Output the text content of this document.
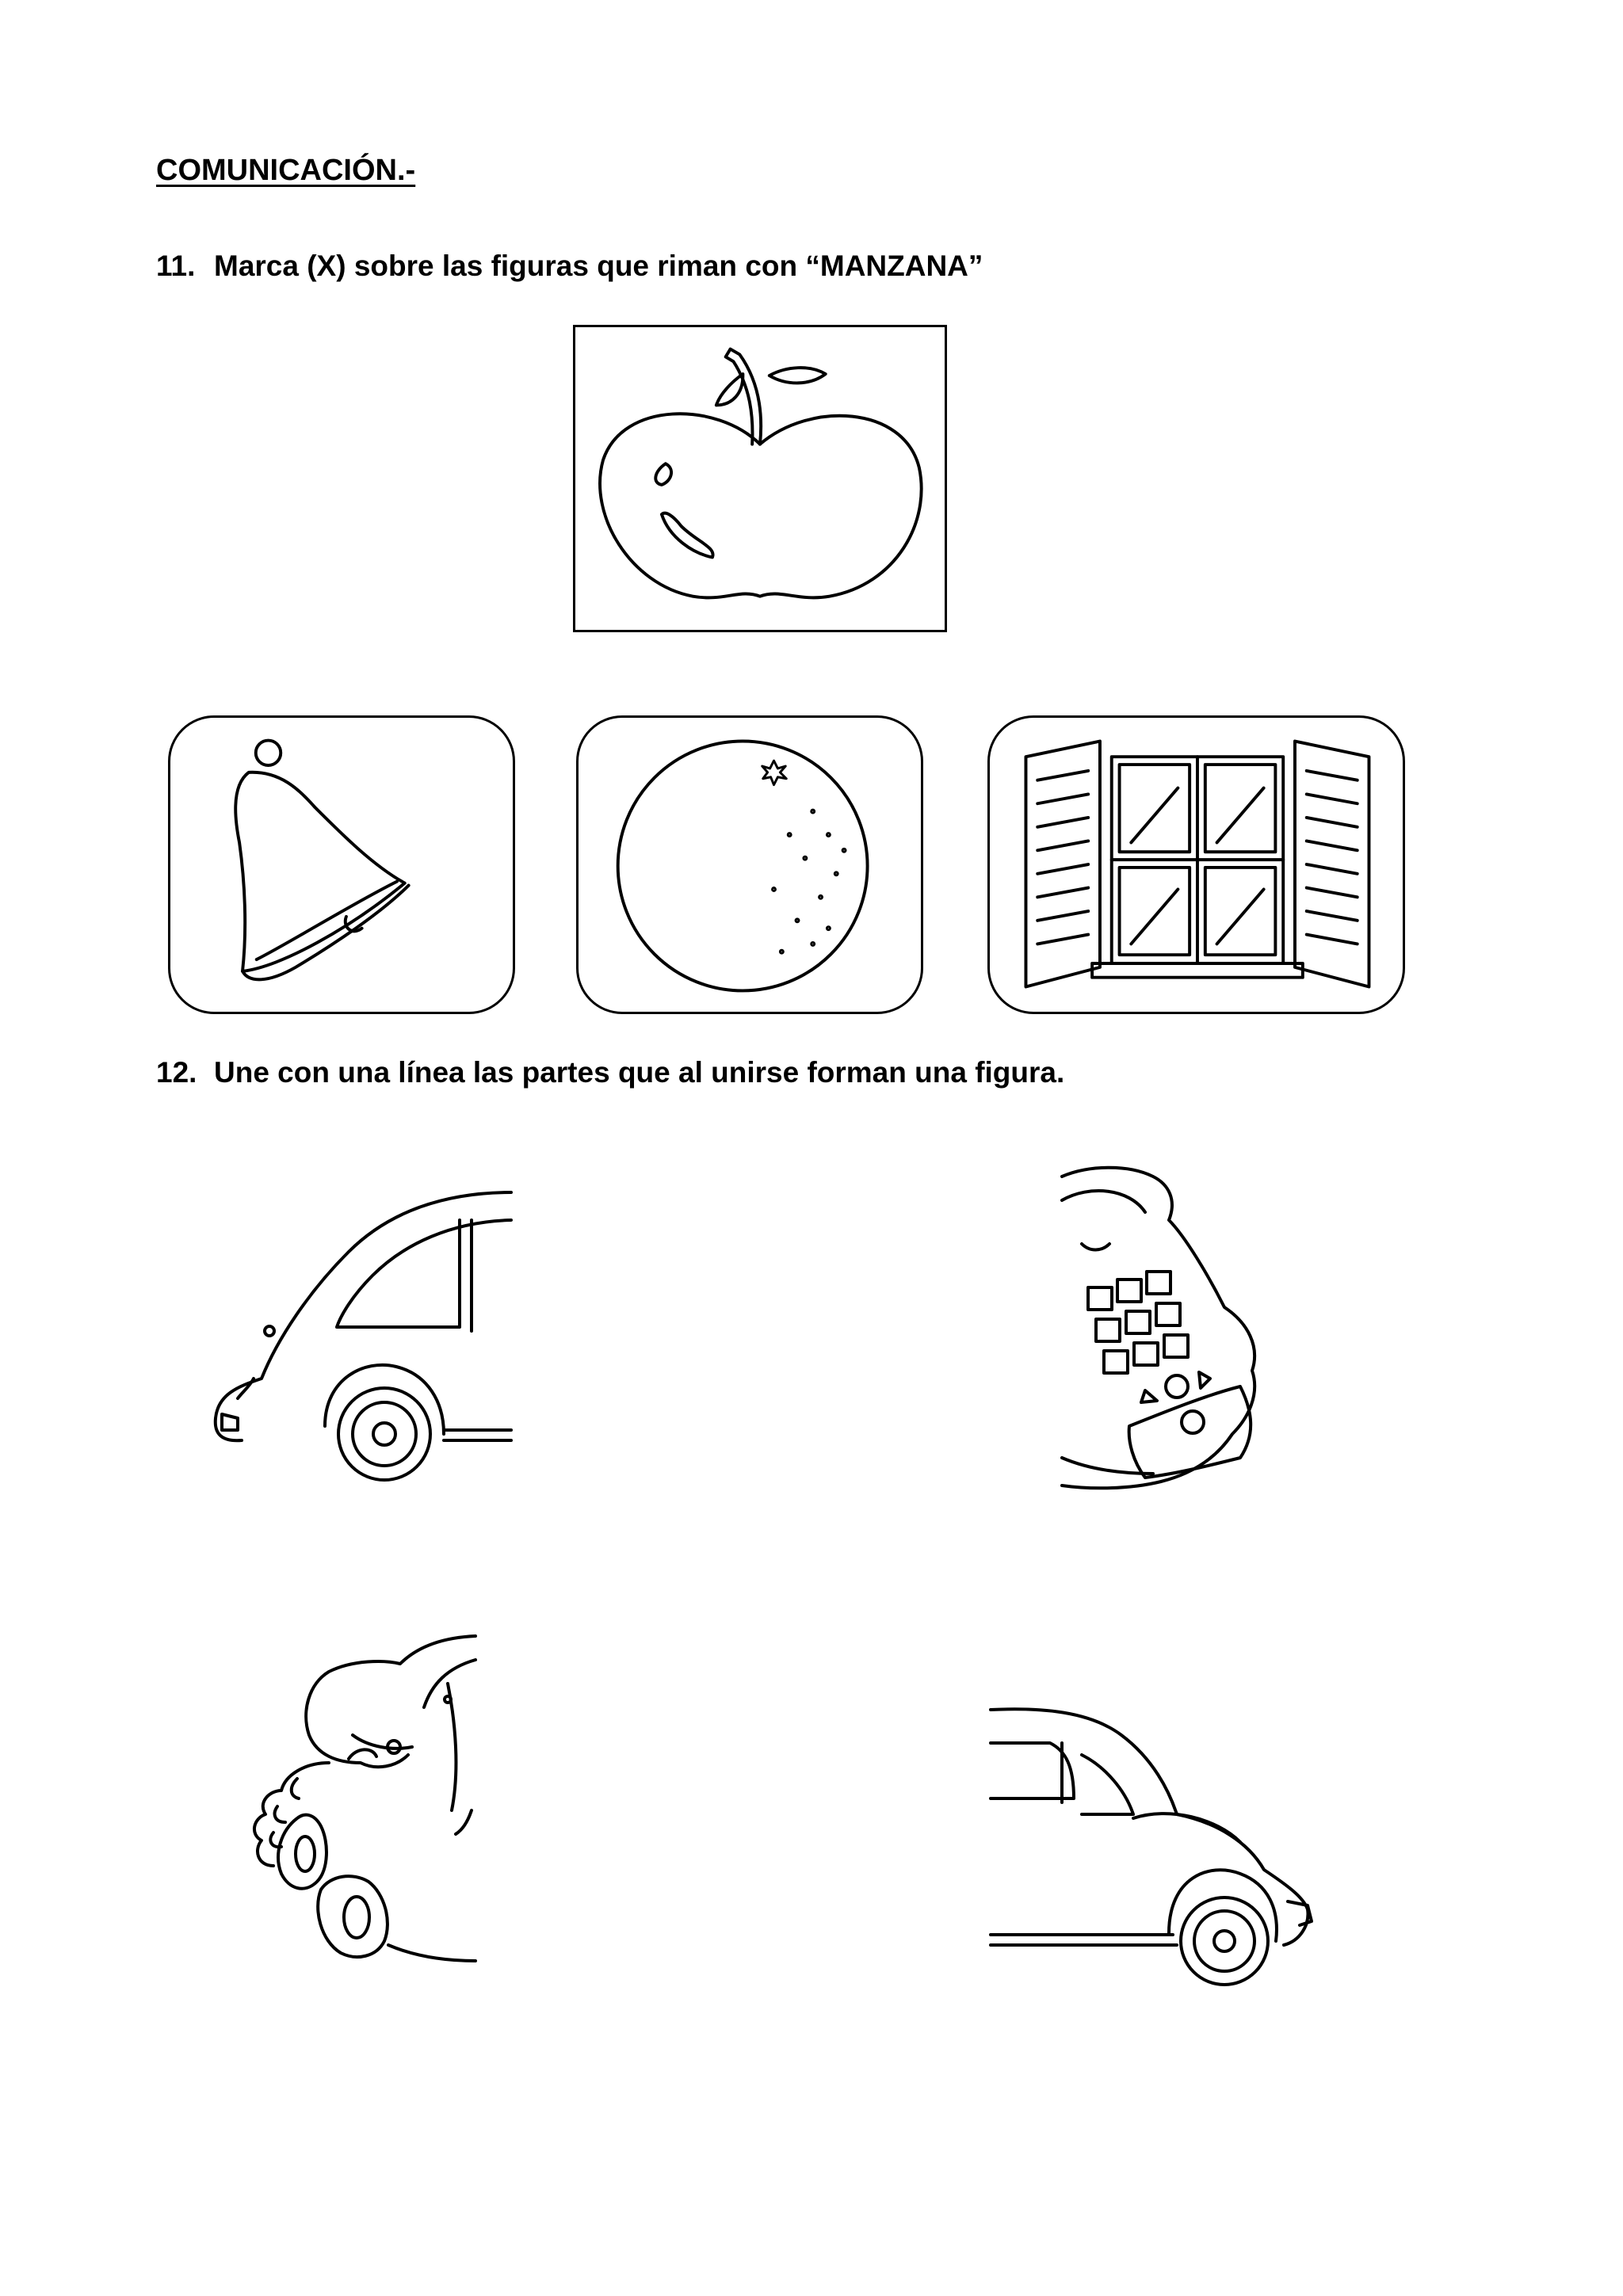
COMUNICACIÓN.-

11. Marca (X) sobre las figuras que riman con “MANZANA”

12. Une con una línea las partes que al unirse forman una figura.
